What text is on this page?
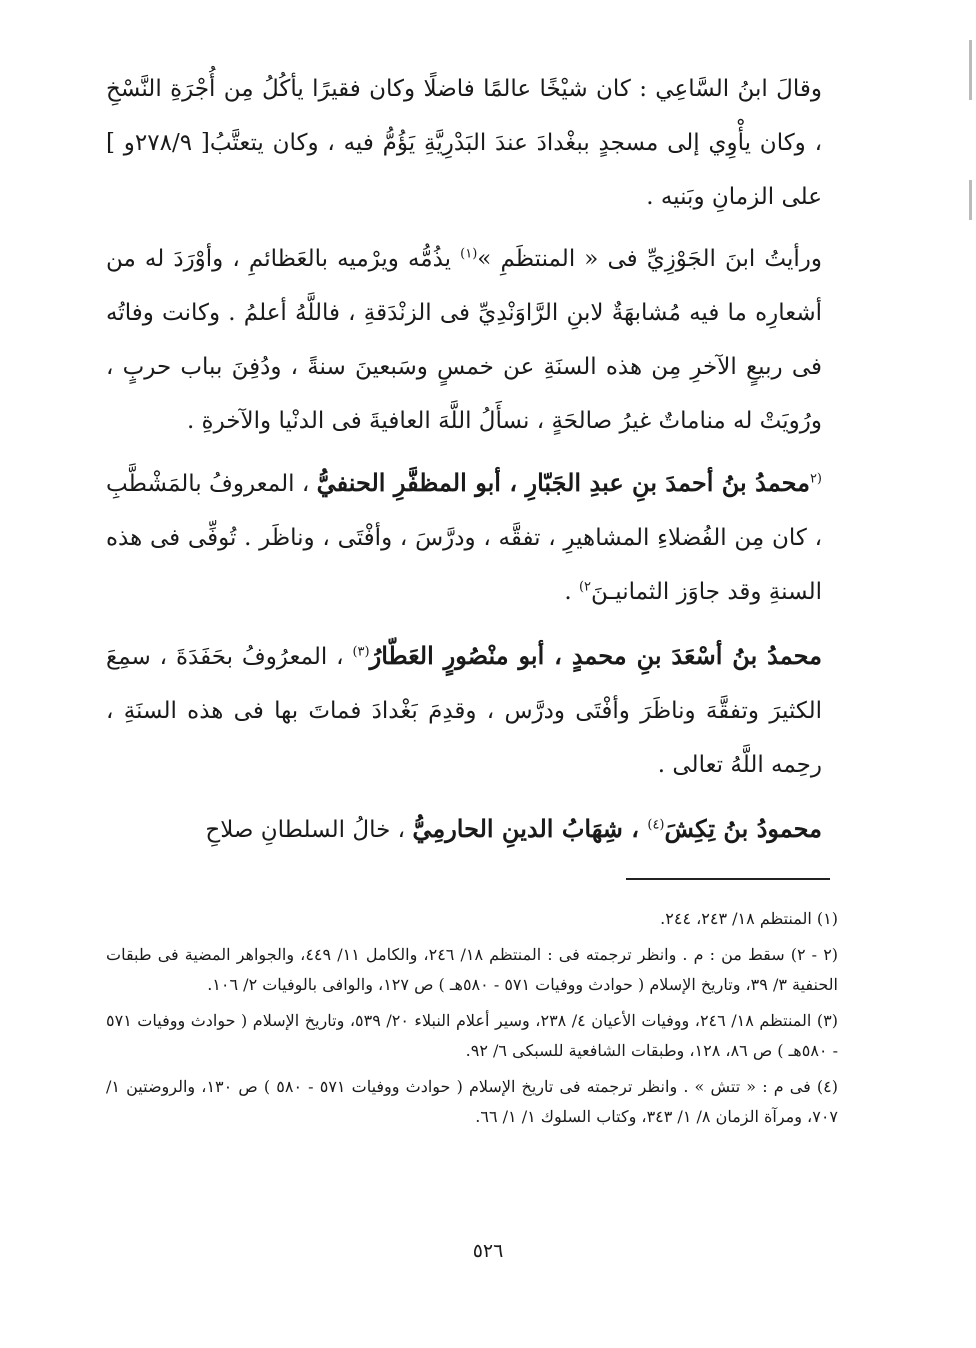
وقالَ ابنُ السَّاعِي : كان شيْخًا عالمًا فاضلًا وكان فقيرًا يأكُلُ مِن أُجْرَةِ النَّسْخِ ، وكان يأْوِي إلى مسجدٍ ببغْدادَ عندَ البَدْرِيَّةِ يَؤُمُّ فيه ، وكان يتعتَّبُ[ ٢٧٨/٩و ] على الزمانِ وبَنيه .

ورأيتُ ابنَ الجَوْزِيِّ فى « المنتظَمِ »$^{(١)}$ يذُمُّه ويرْميه بالعَظائمِ ، وأوْرَدَ له من أشعارِه ما فيه مُشابهَةٌ لابنِ الرَّاوَنْدِيِّ فى الزنْدَقةِ ، فاللَّهُ أعلمُ . وكانت وفاتُه فى ربيعٍ الآخرِ مِن هذه السنَةِ عن خمسٍ وسَبعينَ سنةً ، ودُفِنَ بباب حربٍ ، ورُويَتْ له مناماتٌ غيرُ صالحَةٍ ، نسأَلُ اللَّهَ العافيةَ فى الدنْيا والآخرةِ .

$^{(٢}$محمدُ بنُ أحمدَ بنِ عبدِ الجَبّارِ ، أبو المظفَّرِ الحنفيُّ ، المعروفُ بالمَشْطَّبِ ، كان مِن الفُضلاءِ المشاهيرِ ، تفقَّه ، ودرَّسَ ، وأفْتَى ، وناظَر . تُوفِّى فى هذه السنةِ وقد جاوَز الثمانيـنَ$^{٢)}$ .

محمدُ بنُ أسْعَدَ بنِ محمدٍ ، أبو منْصُورٍ العَطّارُ$^{(٣)}$ ، المعرُوفُ بحَفَدَةَ ، سمِعَ الكثيرَ وتفقَّهَ وناظَرَ وأفْتَى ودرَّس ، وقدِمَ بَغْدادَ فماتَ بها فى هذه السنَةِ ، رحِمه اللَّهُ تعالى .

محمودُ بنُ تِكِشَ$^{(٤)}$ ، شِهَابُ الدينِ الحارمِيُّ ، خالُ السلطانِ صلاحِ

(١) المنتظم ١٨/ ٢٤٣، ٢٤٤.

(٢ - ٢) سقط من : م . وانظر ترجمته فى : المنتظم ١٨/ ٢٤٦، والكامل ١١/ ٤٤٩، والجواهر المضية فى طبقات الحنفية ٣/ ٣٩، وتاريخ الإسلام ( حوادث ووفيات ٥٧١ - ٥٨٠هـ ) ص ١٢٧، والوافى بالوفيات ٢/ ١٠٦.

(٣) المنتظم ١٨/ ٢٤٦، ووفيات الأعيان ٤/ ٢٣٨، وسير أعلام النبلاء ٢٠/ ٥٣٩، وتاريخ الإسلام ( حوادث ووفيات ٥٧١ - ٥٨٠هـ ) ص ٨٦، ١٢٨، وطبقات الشافعية للسبكى ٦/ ٩٢.

(٤) فى م : « تتش » . وانظر ترجمته فى تاريخ الإسلام ( حوادث ووفيات ٥٧١ - ٥٨٠ ) ص ١٣٠، والروضتين ١/ ٧٠٧، ومرآة الزمان ٨/ ١/ ٣٤٣، وكتاب السلوك ١/ ١/ ٦٦.

٥٢٦
